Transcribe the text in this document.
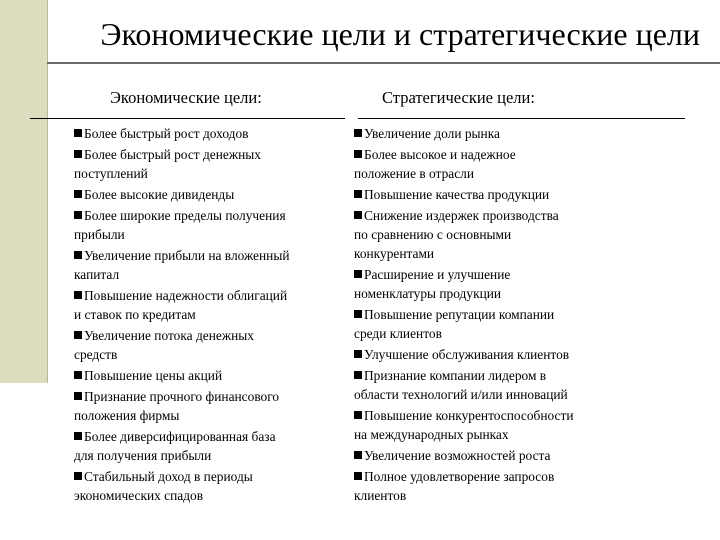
Экономические цели и стратегические цели
Экономические цели:	Стратегические цели:
Более быстрый рост доходов
Более быстрый рост денежных
поступлений
Более высокие дивиденды
Более широкие пределы получения
прибыли
Увеличение прибыли на вложенный
капитал
Повышение надежности облигаций
и ставок по кредитам
Увеличение потока денежных
средств
Повышение цены акций
Признание прочного финансового
положения фирмы
Более диверсифицированная база
для получения прибыли
Стабильный доход в периоды
экономических спадов
Увеличение доли рынка
Более высокое и надежное
положение в отрасли
Повышение качества продукции
Снижение издержек производства
по сравнению с основными
конкурентами
Расширение и улучшение
номенклатуры продукции
Повышение репутации компании
среди клиентов
Улучшение обслуживания клиентов
Признание компании лидером в
области технологий и/или инноваций
Повышение конкурентоспособности
на международных рынках
Увеличение возможностей роста
Полное удовлетворение запросов
клиентов
